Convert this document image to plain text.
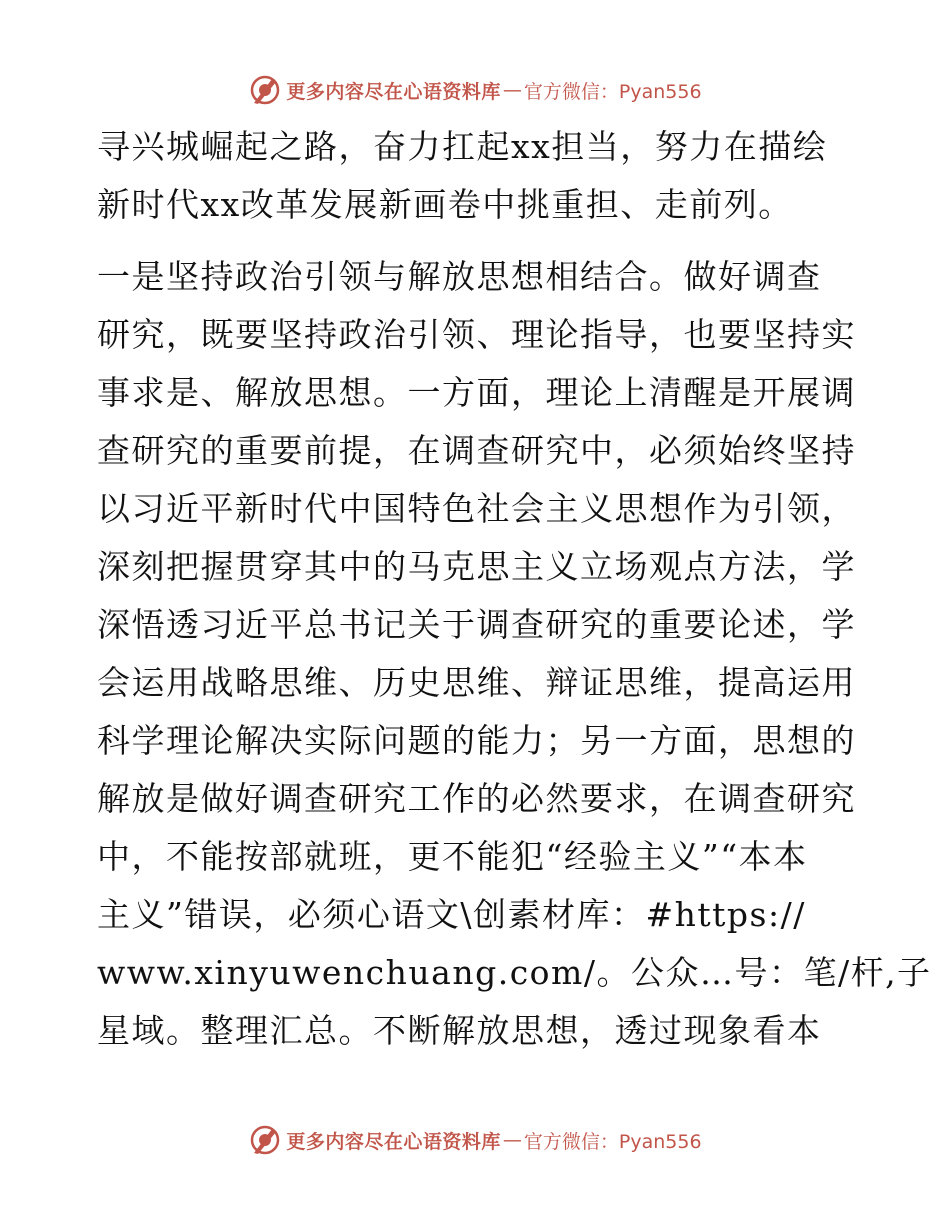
更多内容尽在心语资料库 — 官方微信：Pyan556
寻兴城崛起之路，奋力扛起xx担当，努力在描绘
新时代xx改革发展新画卷中挑重担、走前列。
一是坚持政治引领与解放思想相结合。做好调查
研究，既要坚持政治引领、理论指导，也要坚持实
事求是、解放思想。一方面，理论上清醒是开展调
查研究的重要前提，在调查研究中，必须始终坚持
以习近平新时代中国特色社会主义思想作为引领，
深刻把握贯穿其中的马克思主义立场观点方法，学
深悟透习近平总书记关于调查研究的重要论述，学
会运用战略思维、历史思维、辩证思维，提高运用
科学理论解决实际问题的能力；另一方面，思想的
解放是做好调查研究工作的必然要求，在调查研究
中，不能按部就班，更不能犯“经验主义”“本本
主义”错误，必须心语文\创素材库：#https://
www.xinyuwenchuang.com/。公众…号：笔/杆,子
星域。整理汇总。不断解放思想，透过现象看本
更多内容尽在心语资料库 — 官方微信：Pyan556
